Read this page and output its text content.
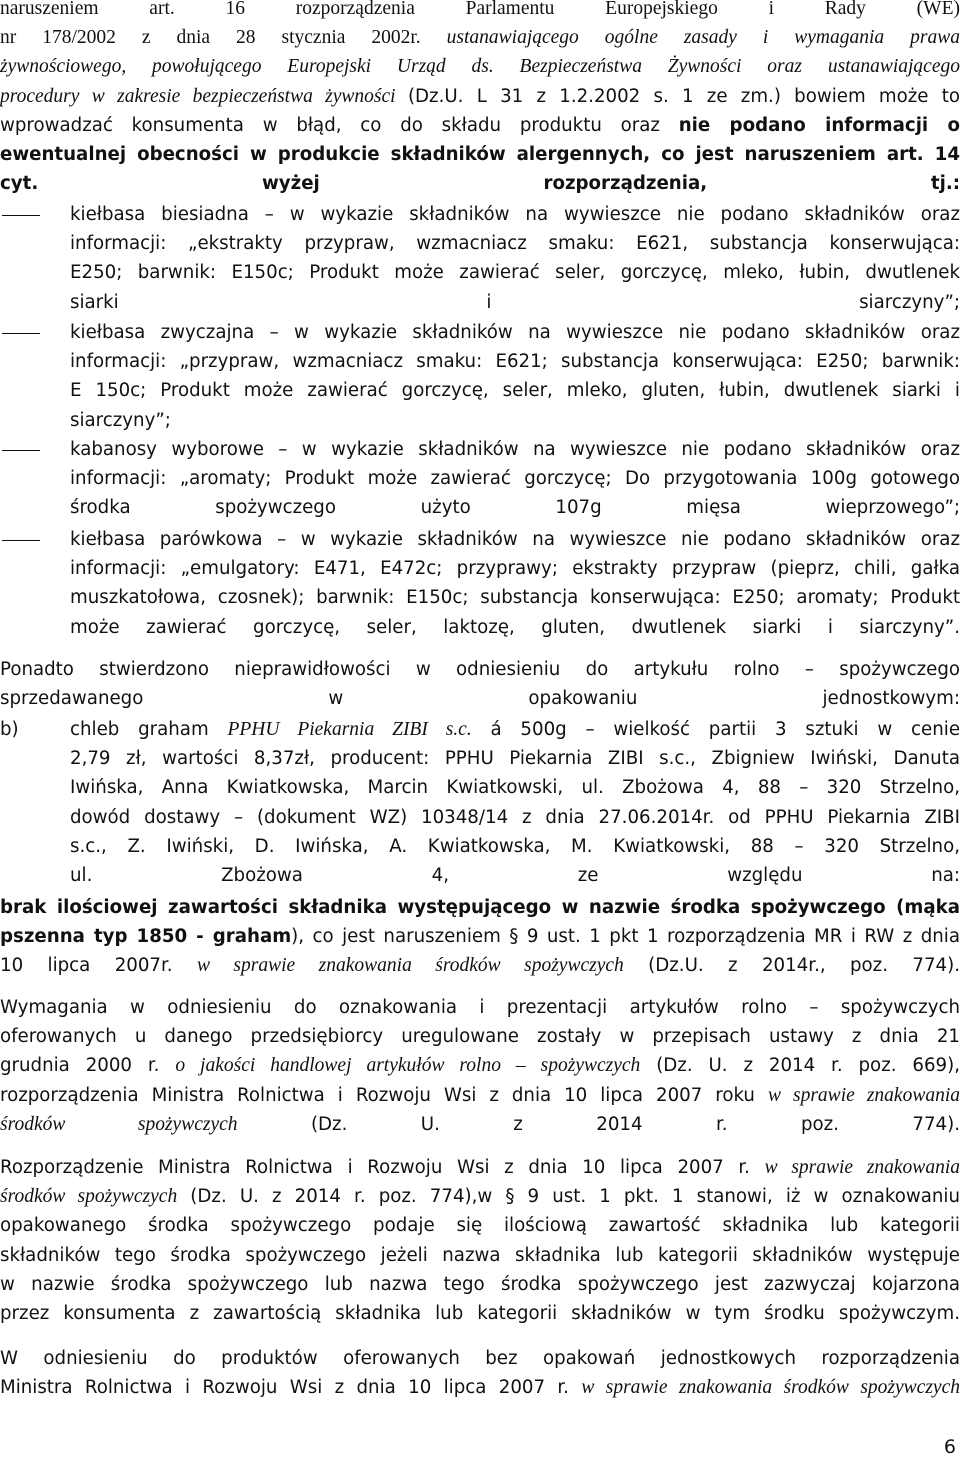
naruszeniem art. 16 rozporządzenia Parlamentu Europejskiego i Rady (WE)
nr 178/2002 z dnia 28 stycznia 2002r. ustanawiającego ogólne zasady i wymagania prawa
żywnościowego, powołującego Europejski Urząd ds. Bezpieczeństwa Żywności oraz ustanawiającego
procedury w zakresie bezpieczeństwa żywności (Dz.U. L 31 z 1.2.2002 s. 1 ze zm.) bowiem może to
wprowadzać konsumenta w błąd, co do składu produktu oraz nie podano informacji o
ewentualnej obecności w produkcie składników alergennych, co jest naruszeniem art. 14
cyt. wyżej rozporządzenia, tj.:
kiełbasa biesiadna – w wykazie składników na wywieszce nie podano składników oraz
informacji: „ekstrakty przypraw, wzmacniacz smaku: E621, substancja konserwująca:
E250; barwnik: E150c; Produkt może zawierać seler, gorczycę, mleko, łubin, dwutlenek
siarki i siarczyny”;
kiełbasa zwyczajna – w wykazie składników na wywieszce nie podano składników oraz
informacji: „przypraw, wzmacniacz smaku: E621; substancja konserwująca: E250; barwnik:
E 150c; Produkt może zawierać gorczycę, seler, mleko, gluten, łubin, dwutlenek siarki i
siarczyny”;
kabanosy wyborowe – w wykazie składników na wywieszce nie podano składników oraz
informacji: „aromaty; Produkt może zawierać gorczycę; Do przygotowania 100g gotowego
środka spożywczego użyto 107g mięsa wieprzowego”;
kiełbasa parówkowa – w wykazie składników na wywieszce nie podano składników oraz
informacji: „emulgatory: E471, E472c; przyprawy; ekstrakty przypraw (pieprz, chili, gałka
muszkatołowa, czosnek); barwnik: E150c; substancja konserwująca: E250; aromaty; Produkt
może zawierać gorczycę, seler, laktozę, gluten, dwutlenek siarki i siarczyny”.
Ponadto stwierdzono nieprawidłowości w odniesieniu do artykułu rolno – spożywczego
sprzedawanego w opakowaniu jednostkowym:
b)	chleb graham PPHU Piekarnia ZIBI s.c. á 500g – wielkość partii 3 sztuki w cenie
2,79 zł, wartości 8,37zł, producent: PPHU Piekarnia ZIBI s.c., Zbigniew Iwiński, Danuta
Iwińska, Anna Kwiatkowska, Marcin Kwiatkowski, ul. Zbożowa 4, 88 – 320 Strzelno,
dowód dostawy – (dokument WZ) 10348/14 z dnia 27.06.2014r. od PPHU Piekarnia ZIBI
s.c., Z. Iwiński, D. Iwińska, A. Kwiatkowska, M. Kwiatkowski, 88 – 320 Strzelno,
ul. Zbożowa 4, ze względu na:
brak ilościowej zawartości składnika występującego w nazwie środka spożywczego (mąka
pszenna typ 1850 - graham), co jest naruszeniem § 9 ust. 1 pkt 1 rozporządzenia MR i RW z dnia
10 lipca 2007r. w sprawie znakowania środków spożywczych (Dz.U. z 2014r., poz. 774).
Wymagania w odniesieniu do oznakowania i prezentacji artykułów rolno – spożywczych
oferowanych u danego przedsiębiorcy uregulowane zostały w przepisach ustawy z dnia 21
grudnia 2000 r. o jakości handlowej artykułów rolno – spożywczych (Dz. U. z 2014 r. poz. 669),
rozporządzenia Ministra Rolnictwa i Rozwoju Wsi z dnia 10 lipca 2007 roku w sprawie znakowania
środków spożywczych (Dz. U. z 2014 r. poz. 774).
Rozporządzenie Ministra Rolnictwa i Rozwoju Wsi z dnia 10 lipca 2007 r. w sprawie znakowania
środków spożywczych (Dz. U. z 2014 r. poz. 774),w § 9 ust. 1 pkt. 1 stanowi, iż w oznakowaniu
opakowanego środka spożywczego podaje się ilościową zawartość składnika lub kategorii
składników tego środka spożywczego jeżeli nazwa składnika lub kategorii składników występuje
w nazwie środka spożywczego lub nazwa tego środka spożywczego jest zazwyczaj kojarzona
przez konsumenta z zawartością składnika lub kategorii składników w tym środku spożywczym.
W odniesieniu do produktów oferowanych bez opakowań jednostkowych rozporządzenia
Ministra Rolnictwa i Rozwoju Wsi z dnia 10 lipca 2007 r. w sprawie znakowania środków spożywczych
6
